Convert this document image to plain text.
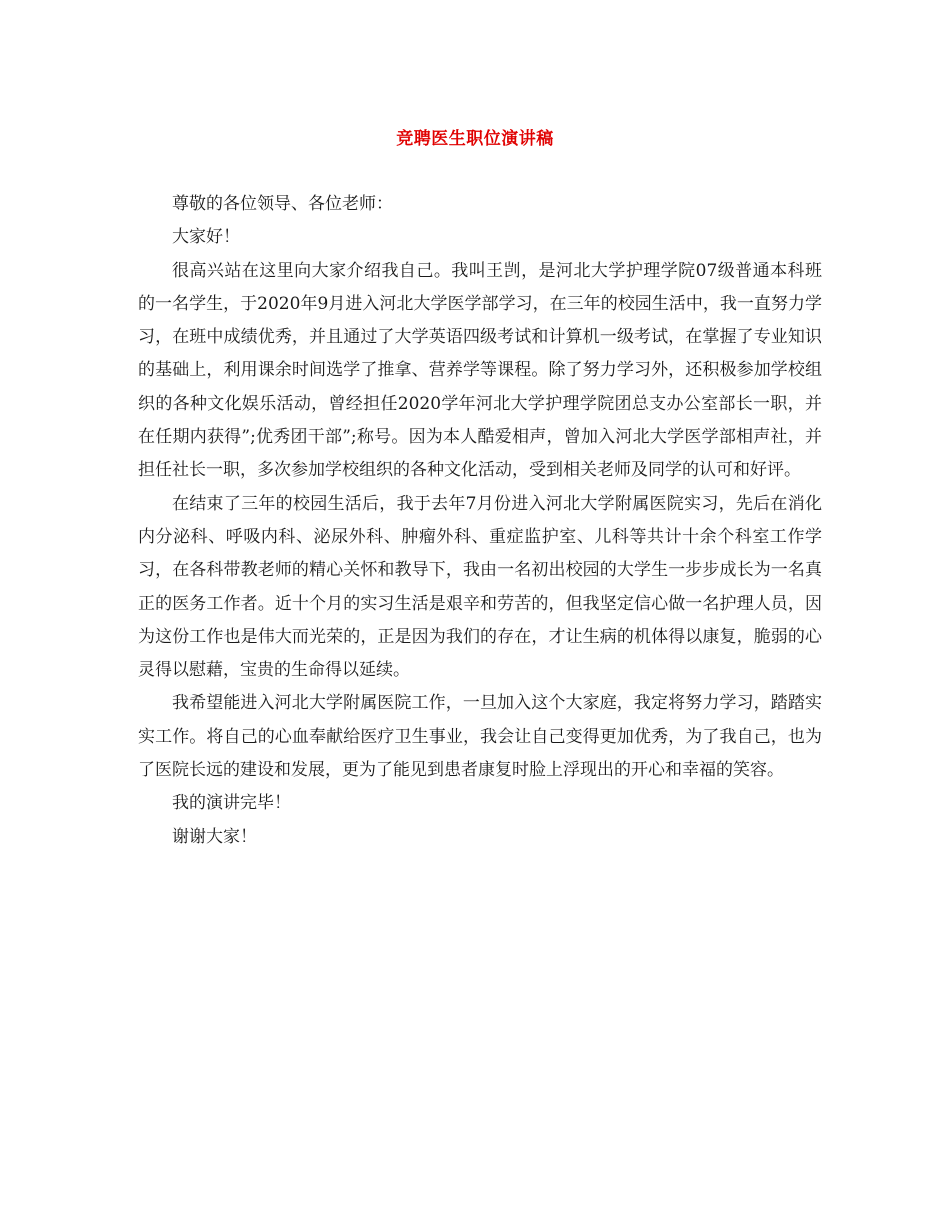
竞聘医生职位演讲稿

尊敬的各位领导、各位老师：

大家好！

很高兴站在这里向大家介绍我自己。我叫王剀，是河北大学护理学院07级普通本科班的一名学生，于2020年9月进入河北大学医学部学习，在三年的校园生活中，我一直努力学习，在班中成绩优秀，并且通过了大学英语四级考试和计算机一级考试，在掌握了专业知识的基础上，利用课余时间选学了推拿、营养学等课程。除了努力学习外，还积极参加学校组织的各种文化娱乐活动，曾经担任2020学年河北大学护理学院团总支办公室部长一职，并在任期内获得”;优秀团干部”;称号。因为本人酷爱相声，曾加入河北大学医学部相声社，并担任社长一职，多次参加学校组织的各种文化活动，受到相关老师及同学的认可和好评。

在结束了三年的校园生活后，我于去年7月份进入河北大学附属医院实习，先后在消化内分泌科、呼吸内科、泌尿外科、肿瘤外科、重症监护室、儿科等共计十余个科室工作学习，在各科带教老师的精心关怀和教导下，我由一名初出校园的大学生一步步成长为一名真正的医务工作者。近十个月的实习生活是艰辛和劳苦的，但我坚定信心做一名护理人员，因为这份工作也是伟大而光荣的，正是因为我们的存在，才让生病的机体得以康复，脆弱的心灵得以慰藉，宝贵的生命得以延续。

我希望能进入河北大学附属医院工作，一旦加入这个大家庭，我定将努力学习，踏踏实实工作。将自己的心血奉献给医疗卫生事业，我会让自己变得更加优秀，为了我自己，也为了医院长远的建设和发展，更为了能见到患者康复时脸上浮现出的开心和幸福的笑容。

我的演讲完毕！

谢谢大家！
